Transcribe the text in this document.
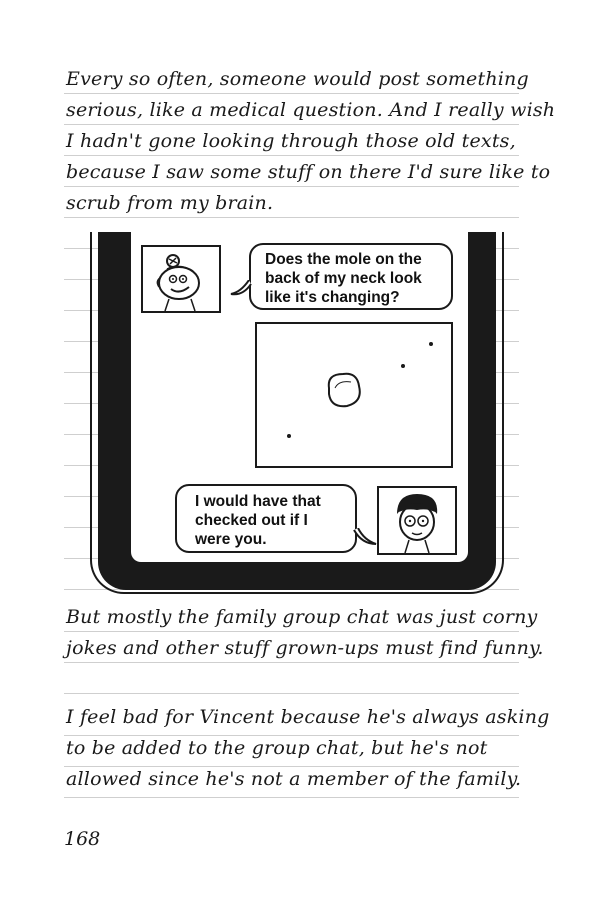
Every so often, someone would post something
serious, like a medical question. And I really wish
I hadn't gone looking through those old texts,
because I saw some stuff on there I'd sure like to
scrub from my brain.
Does the mole on the
back of my neck look
like it's changing?
I would have that
checked out if I
were you.
But mostly the family group chat was just corny
jokes and other stuff grown-ups must find funny.
I feel bad for Vincent because he's always asking
to be added to the group chat, but he's not
allowed since he's not a member of the family.
168
